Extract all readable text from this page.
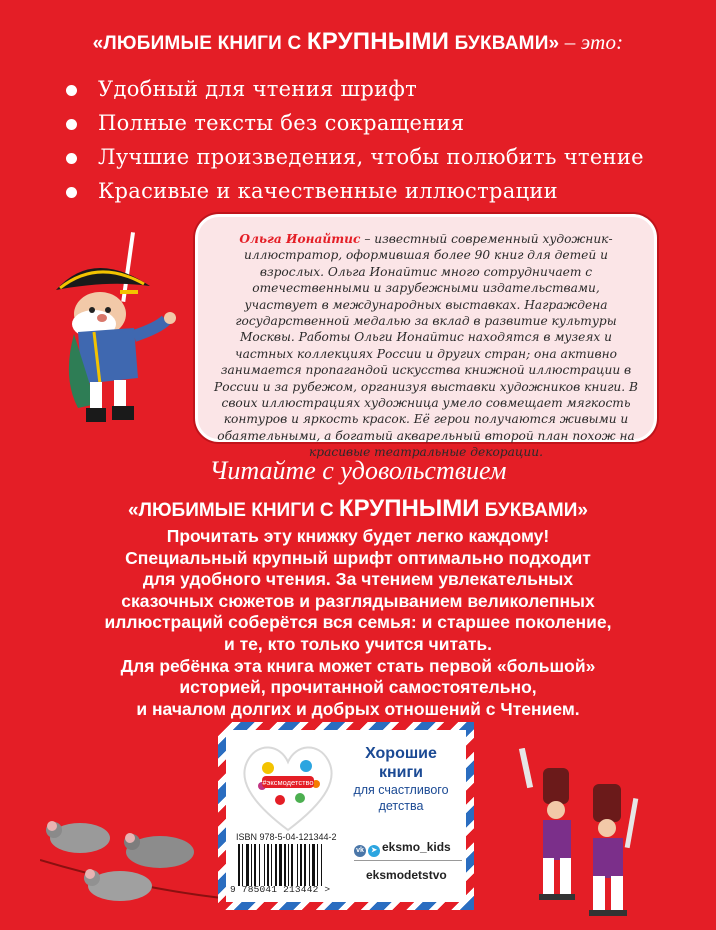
«ЛЮБИМЫЕ КНИГИ С КРУПНЫМИ БУКВАМИ» – это:
Удобный для чтения шрифт
Полные тексты без сокращения
Лучшие произведения, чтобы полюбить чтение
Красивые и качественные иллюстрации
Ольга Ионайтис – известный современный художник-иллюстратор, оформившая более 90 книг для детей и взрослых. Ольга Ионайтис много сотрудничает с отечественными и зарубежными издательствами, участвует в международных выставках. Награждена государственной медалью за вклад в развитие культуры Москвы. Работы Ольги Ионайтис находятся в музеях и частных коллекциях России и других стран; она активно занимается пропагандой искусства книжной иллюстрации в России и за рубежом, организуя выставки художников книги. В своих иллюстрациях художница умело совмещает мягкость контуров и яркость красок. Её герои получаются живыми и обаятельными, а богатый акварельный второй план похож на красивые театральные декорации.
Читайте с удовольствием
«ЛЮБИМЫЕ КНИГИ С КРУПНЫМИ БУКВАМИ»
Прочитать эту книжку будет легко каждому!
Специальный крупный шрифт оптимально подходит
для удобного чтения. За чтением увлекательных
сказочных сюжетов и разглядыванием великолепных
иллюстраций соберётся вся семья: и старшее поколение,
и те, кто только учится читать.
Для ребёнка эта книга может стать первой «большой»
историей, прочитанной самостоятельно,
и началом долгих и добрых отношений с Чтением.
#эксмодетство
Хорошие
книги
для счастливого
детства
ISBN 978-5-04-121344-2
9 785041 213442 >
vk ➤ eksmo_kids
eksmodetstvo
